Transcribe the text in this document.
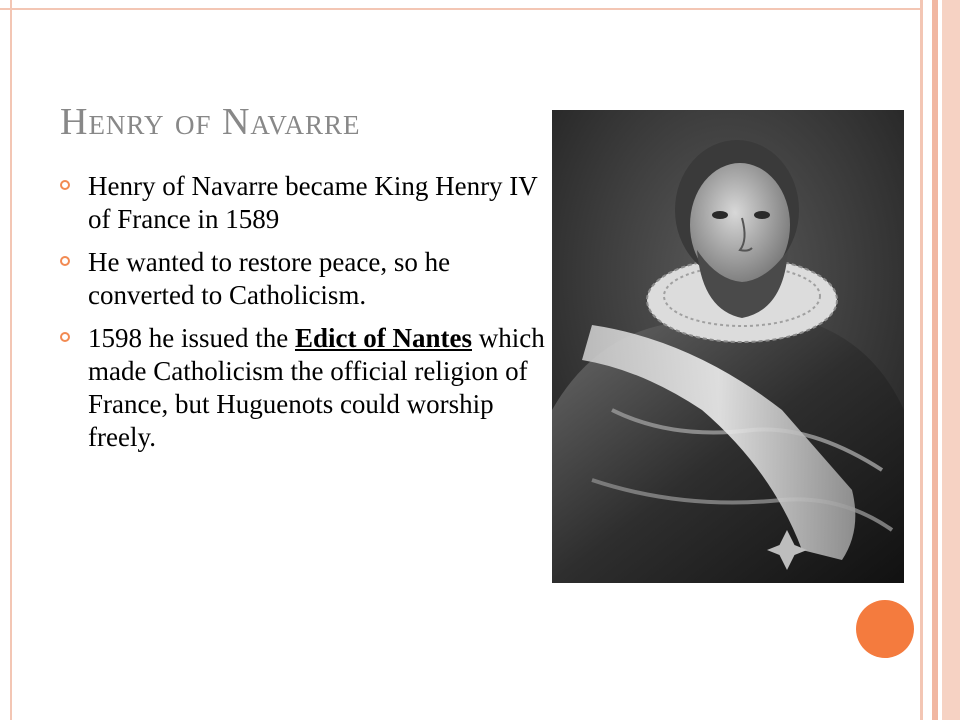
Henry of Navarre
Henry of Navarre became King Henry IV of France in 1589
He wanted to restore peace, so he converted to Catholicism.
1598 he issued the Edict of Nantes which made Catholicism the official religion of France, but Huguenots could worship freely.
